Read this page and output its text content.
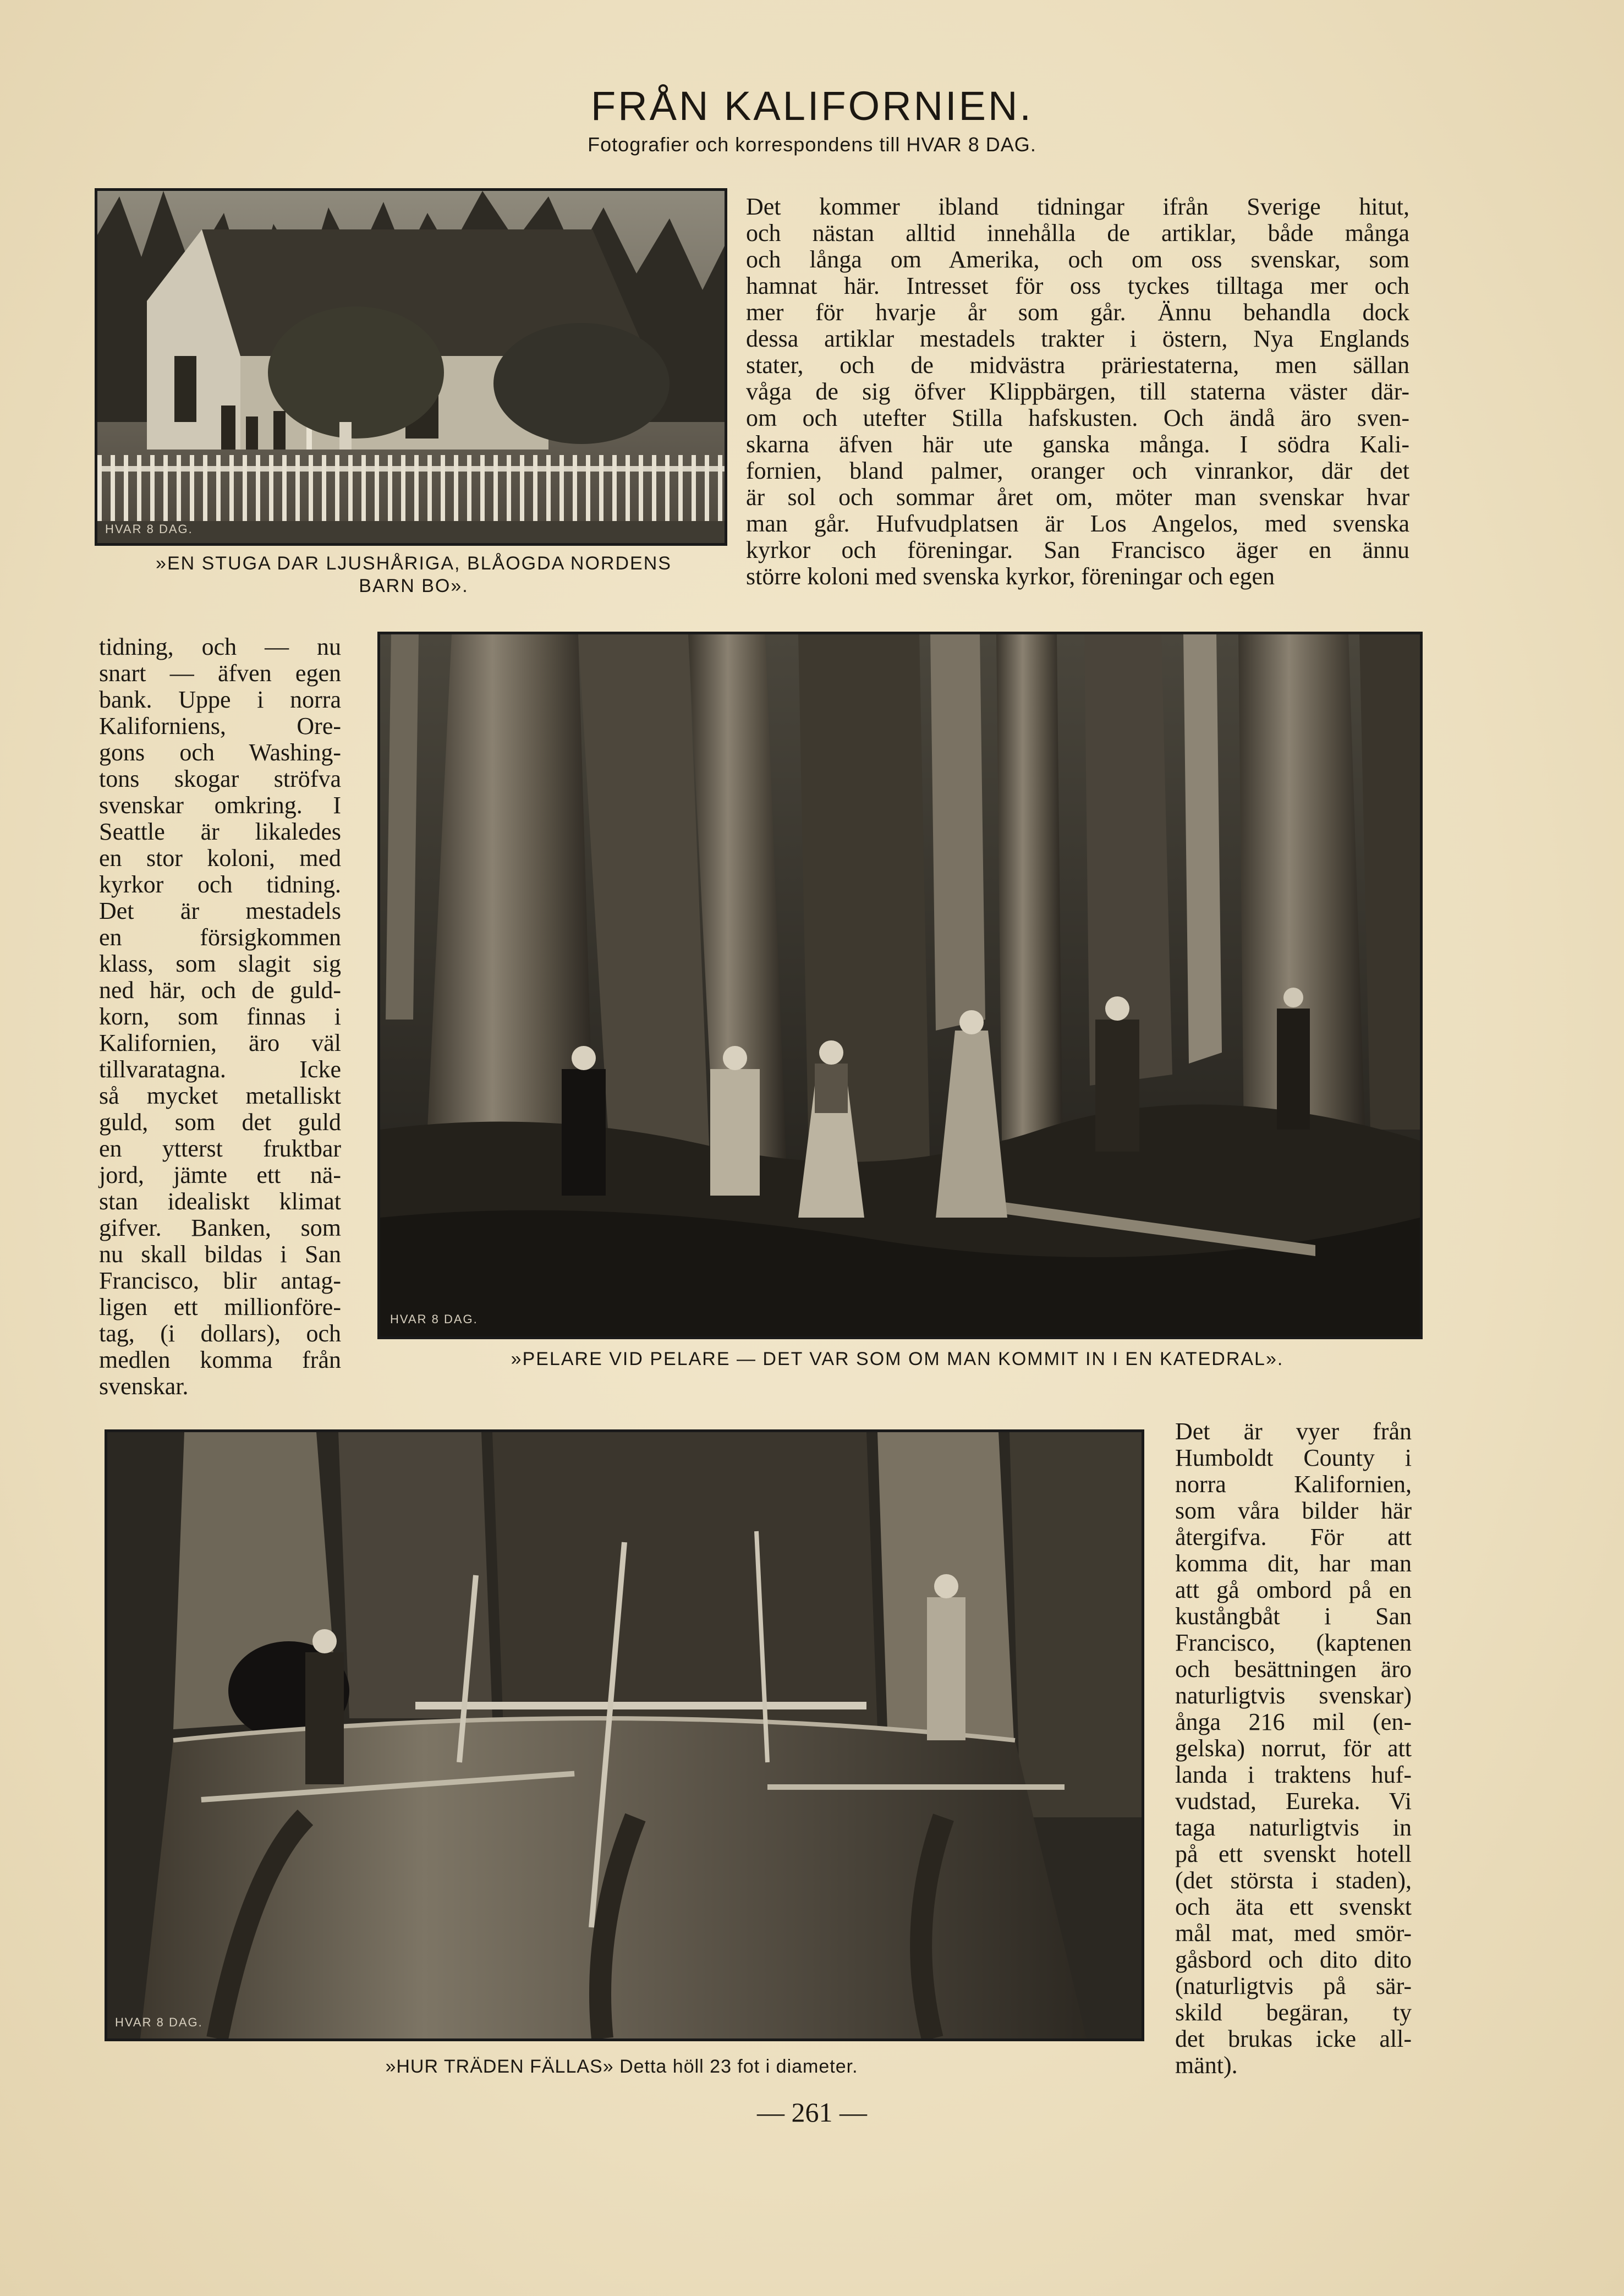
FRÅN KALIFORNIEN.
Fotografier och korrespondens till HVAR 8 DAG.
HVAR 8 DAG.
»EN STUGA DAR LJUSHÅRIGA, BLÅOGDA NORDENS
BARN BO».
Det kommer ibland tidningar ifrån Sverige hitut,
och nästan alltid innehålla de artiklar, både många
och långa om Amerika, och om oss svenskar, som
hamnat här. Intresset för oss tyckes tilltaga mer och
mer för hvarje år som går. Ännu behandla dock
dessa artiklar mestadels trakter i östern, Nya Englands
stater, och de midvästra präriestaterna, men sällan
våga de sig öfver Klippbärgen, till staterna väster där-
om och utefter Stilla hafskusten. Och ändå äro sven-
skarna äfven här ute ganska många. I södra Kali-
fornien, bland palmer, oranger och vinrankor, där det
är sol och sommar året om, möter man svenskar hvar
man går. Hufvudplatsen är Los Angelos, med svenska
kyrkor och föreningar. San Francisco äger en ännu
större koloni med svenska kyrkor, föreningar och egen
tidning, och — nu
snart — äfven egen
bank. Uppe i norra
Kaliforniens, Ore-
gons och Washing-
tons skogar ströfva
svenskar omkring. I
Seattle är likaledes
en stor koloni, med
kyrkor och tidning.
Det är mestadels
en försigkommen
klass, som slagit sig
ned här, och de guld-
korn, som finnas i
Kalifornien, äro väl
tillvaratagna. Icke
så mycket metalliskt
guld, som det guld
en ytterst fruktbar
jord, jämte ett nä-
stan idealiskt klimat
gifver. Banken, som
nu skall bildas i San
Francisco, blir antag-
ligen ett millionföre-
tag, (i dollars), och
medlen komma från
svenskar.
HVAR 8 DAG.
»PELARE VID PELARE — DET VAR SOM OM MAN KOMMIT IN I EN KATEDRAL».
HVAR 8 DAG.
»HUR TRÄDEN FÄLLAS» Detta höll 23 fot i diameter.
Det är vyer från
Humboldt County i
norra Kalifornien,
som våra bilder här
återgifva. För att
komma dit, har man
att gå ombord på en
kustångbåt i San
Francisco, (kaptenen
och besättningen äro
naturligtvis svenskar)
ånga 216 mil (en-
gelska) norrut, för att
landa i traktens huf-
vudstad, Eureka. Vi
taga naturligtvis in
på ett svenskt hotell
(det största i staden),
och äta ett svenskt
mål mat, med smör-
gåsbord och dito dito
(naturligtvis på sär-
skild begäran, ty
det brukas icke all-
mänt).
— 261 —
